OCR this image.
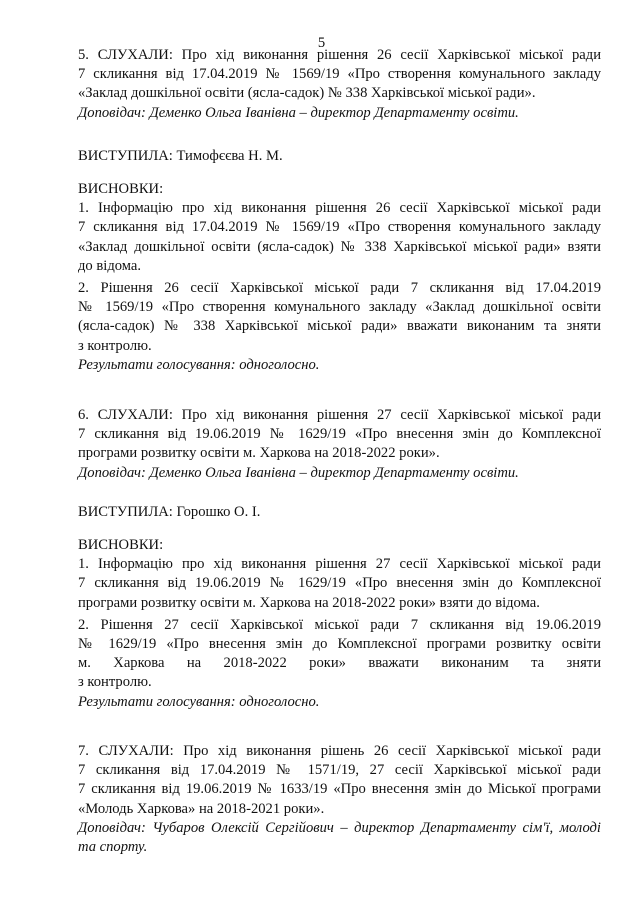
5
5. СЛУХАЛИ: Про хід виконання рішення 26 сесії Харківської міської ради
7 скликання від 17.04.2019 № 1569/19 «Про створення комунального закладу
«Заклад дошкільної освіти (ясла-садок) № 338 Харківської міської ради».
Доповідач: Деменко Ольга Іванівна – директор Департаменту освіти.
ВИСТУПИЛА: Тимофєєва Н. М.
ВИСНОВКИ:
1. Інформацію про хід виконання рішення 26 сесії Харківської міської ради
7 скликання від 17.04.2019 № 1569/19 «Про створення комунального закладу
«Заклад дошкільної освіти (ясла-садок) № 338 Харківської міської ради» взяти
до відома.
2. Рішення 26 сесії Харківської міської ради 7 скликання від 17.04.2019
№ 1569/19 «Про створення комунального закладу «Заклад дошкільної освіти
(ясла-садок) № 338 Харківської міської ради» вважати виконаним та зняти
з контролю.
Результати голосування: одноголосно.
6. СЛУХАЛИ: Про хід виконання рішення 27 сесії Харківської міської ради
7 скликання від 19.06.2019 № 1629/19 «Про внесення змін до Комплексної
програми розвитку освіти м. Харкова на 2018-2022 роки».
Доповідач: Деменко Ольга Іванівна – директор Департаменту освіти.
ВИСТУПИЛА: Горошко О. І.
ВИСНОВКИ:
1. Інформацію про хід виконання рішення 27 сесії Харківської міської ради
7 скликання від 19.06.2019 № 1629/19 «Про внесення змін до Комплексної
програми розвитку освіти м. Харкова на 2018-2022 роки» взяти до відома.
2. Рішення 27 сесії Харківської міської ради 7 скликання від 19.06.2019
№ 1629/19 «Про внесення змін до Комплексної програми розвитку освіти
м. Харкова на 2018-2022 роки» вважати виконаним та зняти
з контролю.
Результати голосування: одноголосно.
7. СЛУХАЛИ: Про хід виконання рішень 26 сесії Харківської міської ради
7 скликання від 17.04.2019 № 1571/19, 27 сесії Харківської міської ради
7 скликання від 19.06.2019 № 1633/19 «Про внесення змін до Міської програми
«Молодь Харкова» на 2018-2021 роки».
Доповідач: Чубаров Олексій Сергійович – директор Департаменту сім'ї, молоді
та спорту.
